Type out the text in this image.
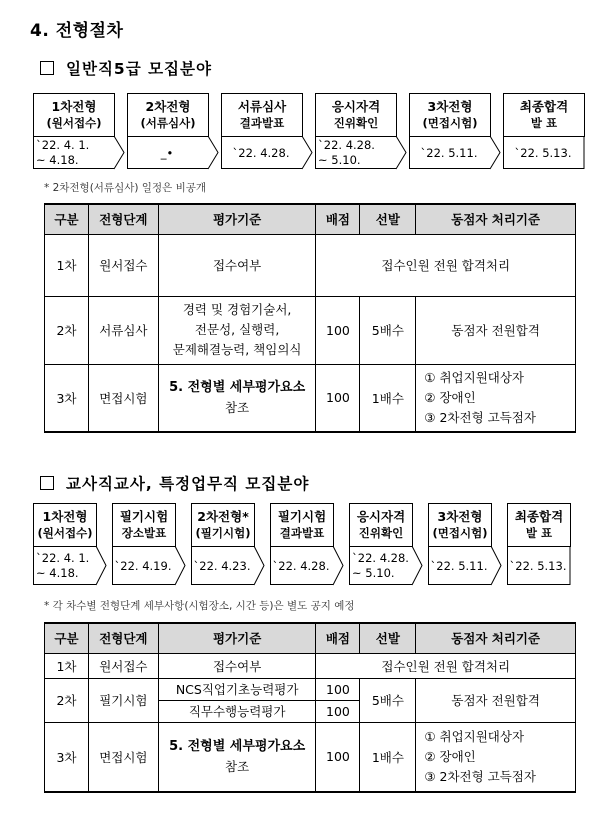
4. 전형절차
일반직5급 모집분야
1차전형
(원서접수)
`22. 4. 1.
~ 4.18.
2차전형
(서류심사)
_•
서류심사
결과발표
`22. 4.28.
응시자격
진위확인
`22. 4.28.
~ 5.10.
3차전형
(면접시험)
`22. 5.11.
최종합격
발 표
`22. 5.13.
* 2차전형(서류심사) 일정은 비공개
구분	전형단계	평가기준	배점	선발	동점자 처리기준
1차	원서접수	접수여부	접수인원 전원 합격처리		
2차	서류심사	경력 및 경험기술서,
전문성, 실행력,
문제해결능력, 책임의식	100	5배수	동점자 전원합격
3차	면접시험	5. 전형별 세부평가요소
참조	100	1배수	① 취업지원대상자
② 장애인
③ 2차전형 고득점자
교사직교사, 특정업무직 모집분야
1차전형
(원서접수)
`22. 4. 1.
~ 4.18.
필기시험
장소발표
`22. 4.19.
2차전형*
(필기시험)
`22. 4.23.
필기시험
결과발표
`22. 4.28.
응시자격
진위확인
`22. 4.28.
~ 5.10.
3차전형
(면접시험)
`22. 5.11.
최종합격
발 표
`22. 5.13.
* 각 차수별 전형단계 세부사항(시험장소, 시간 등)은 별도 공지 예정
구분	전형단계	평가기준	배점	선발	동점자 처리기준
1차	원서접수	접수여부	접수인원 전원 합격처리		
2차	필기시험	NCS직업기초능력평가	100	5배수	동점자 전원합격
		직무수행능력평가	100		
3차	면접시험	5. 전형별 세부평가요소
참조	100	1배수	① 취업지원대상자
② 장애인
③ 2차전형 고득점자
